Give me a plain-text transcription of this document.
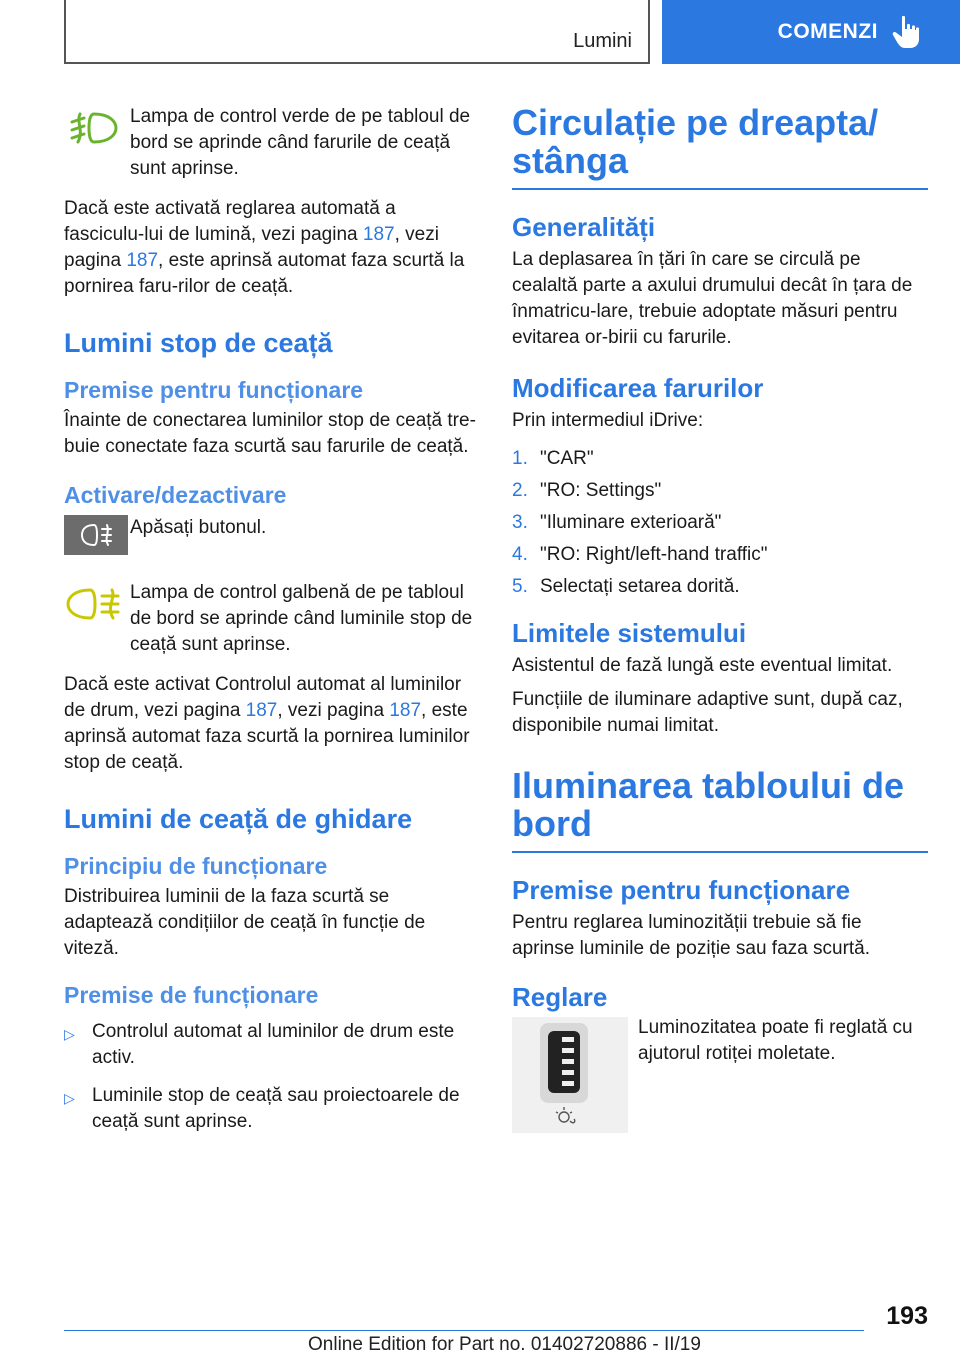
Lumini	COMENZI
Lampa de control verde de pe tabloul de bord se aprinde când farurile de ceață sunt aprinse.

Dacă este activată reglarea automată a fasciculu-lui de lumină, vezi pagina 187, vezi pagina 187, este aprinsă automat faza scurtă la pornirea faru-rilor de ceață.

Lumini stop de ceață
Premise pentru funcționare

Înainte de conectarea luminilor stop de ceață tre-buie conectate faza scurtă sau farurile de ceață.

Activare/dezactivare
Apăsați butonul.
Lampa de control galbenă de pe tabloul de bord se aprinde când luminile stop de ceață sunt aprinse.

Dacă este activat Controlul automat al luminilor de drum, vezi pagina 187, vezi pagina 187, este aprinsă automat faza scurtă la pornirea luminilor stop de ceață.

Lumini de ceață de ghidare
Principiu de funcționare

Distribuirea luminii de la faza scurtă se adaptează condițiilor de ceață în funcție de viteză.

Premise de funcționare
▷ Controlul automat al luminilor de drum este activ.
▷ Luminile stop de ceață sau proiectoarele de ceață sunt aprinse.
Circulație pe dreapta/ stânga
Generalități

La deplasarea în țări în care se circulă pe cealaltă parte a axului drumului decât în țara de înmatricu-lare, trebuie adoptate măsuri pentru evitarea or-birii cu farurile.

Modificarea farurilor

Prin intermediul iDrive:

1. "CAR"
2. "RO: Settings"
3. "Iluminare exterioară"
4. "RO: Right/left-hand traffic"
5. Selectați setarea dorită.
Limitele sistemului

Asistentul de fază lungă este eventual limitat.

Funcțiile de iluminare adaptive sunt, după caz, disponibile numai limitat.

Iluminarea tabloului de bord
Premise pentru funcționare

Pentru reglarea luminozității trebuie să fie aprinse luminile de poziție sau faza scurtă.

Reglare

Luminozitatea poate fi reglată cu ajutorul rotiței moletate.

193
Online Edition for Part no. 01402720886 - II/19
